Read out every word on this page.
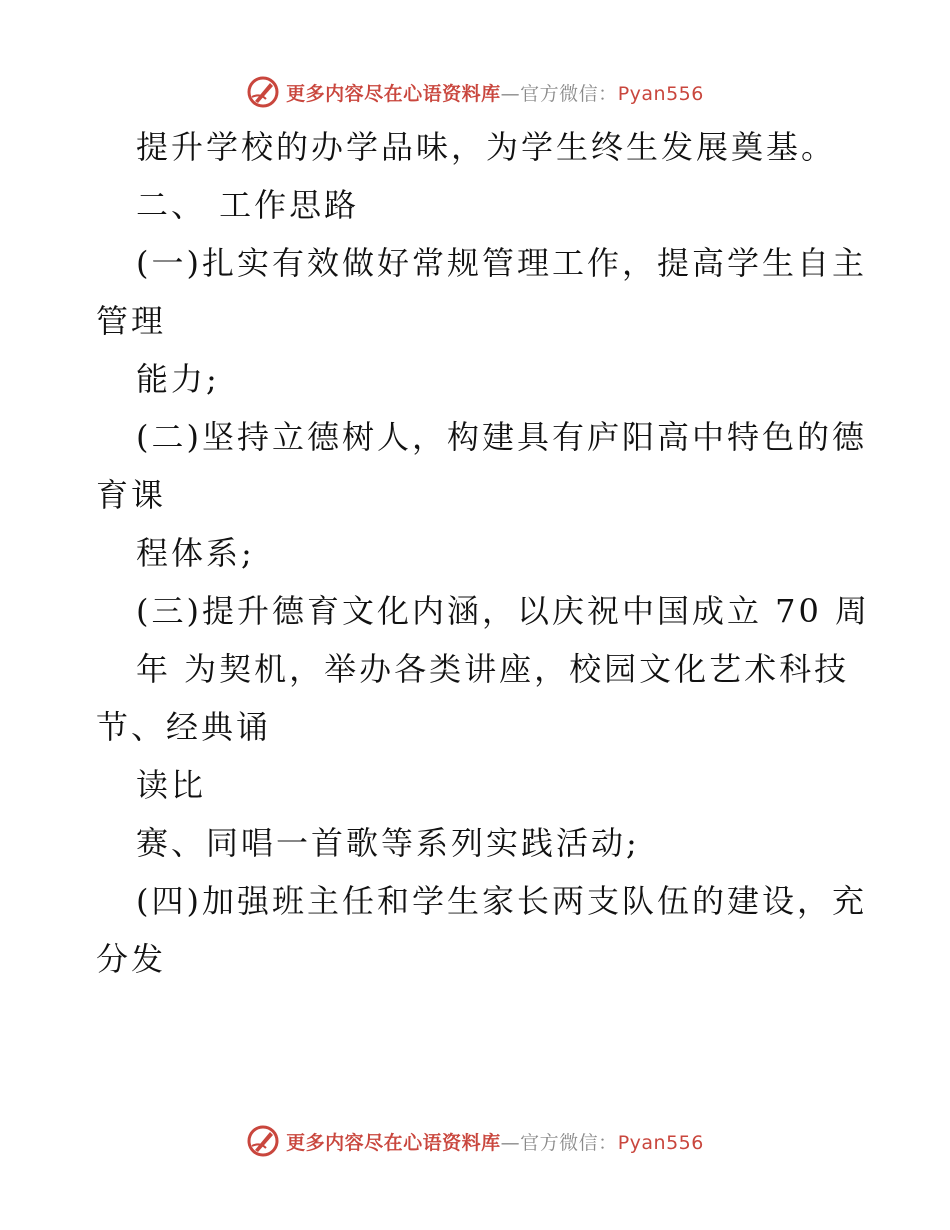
更多内容尽在心语资料库—官方微信：Pyan556
提升学校的办学品味，为学生终生发展奠基。
二、 工作思路
(一)扎实有效做好常规管理工作，提高学生自主
管理
能力;
(二)坚持立德树人，构建具有庐阳高中特色的德
育课
程体系;
(三)提升德育文化内涵，以庆祝中国成立 70 周
年 为契机，举办各类讲座，校园文化艺术科技
节、经典诵
读比
赛、同唱一首歌等系列实践活动;
(四)加强班主任和学生家长两支队伍的建设，充
分发
更多内容尽在心语资料库—官方微信：Pyan556
